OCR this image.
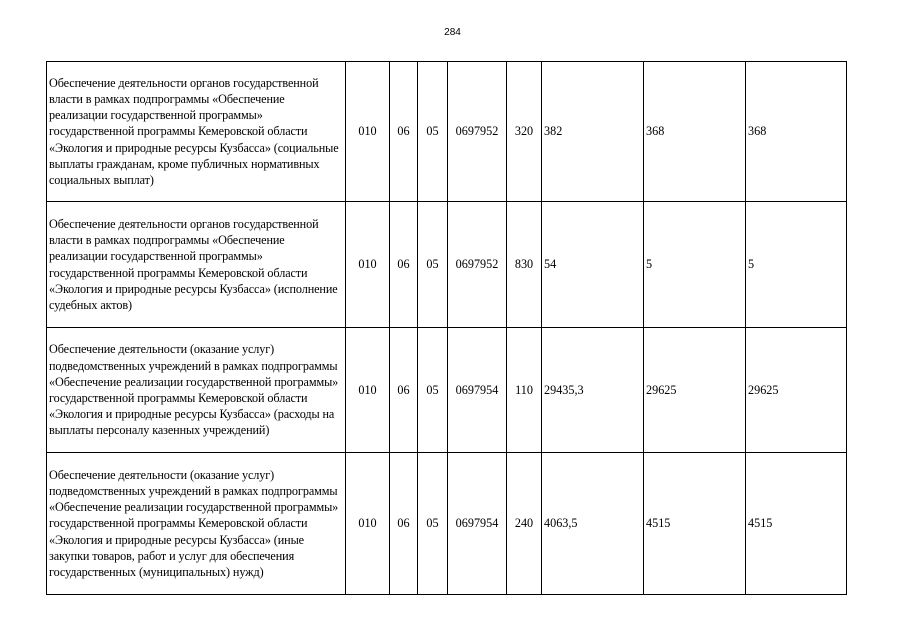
284
Обеспечение деятельности органов государственной власти в рамках подпрограммы «Обеспечение реализации государственной программы» государственной программы Кемеровской области «Экология и природные ресурсы Кузбасса» (социальные выплаты гражданам, кроме публичных нормативных социальных выплат)	010	06	05	0697952	320	382	368	368
Обеспечение деятельности органов государственной власти в рамках подпрограммы «Обеспечение реализации государственной программы» государственной программы Кемеровской области «Экология и природные ресурсы Кузбасса» (исполнение судебных актов)	010	06	05	0697952	830	54	5	5
Обеспечение деятельности (оказание услуг) подведомственных учреждений в рамках подпрограммы «Обеспечение реализации государственной программы» государственной программы Кемеровской области «Экология и природные ресурсы Кузбасса» (расходы на выплаты персоналу казенных учреждений)	010	06	05	0697954	110	29435,3	29625	29625
Обеспечение деятельности (оказание услуг) подведомственных учреждений в рамках подпрограммы «Обеспечение реализации государственной программы» государственной программы Кемеровской области «Экология и природные ресурсы Кузбасса» (иные закупки товаров, работ и услуг для обеспечения государственных (муниципальных) нужд)	010	06	05	0697954	240	4063,5	4515	4515
